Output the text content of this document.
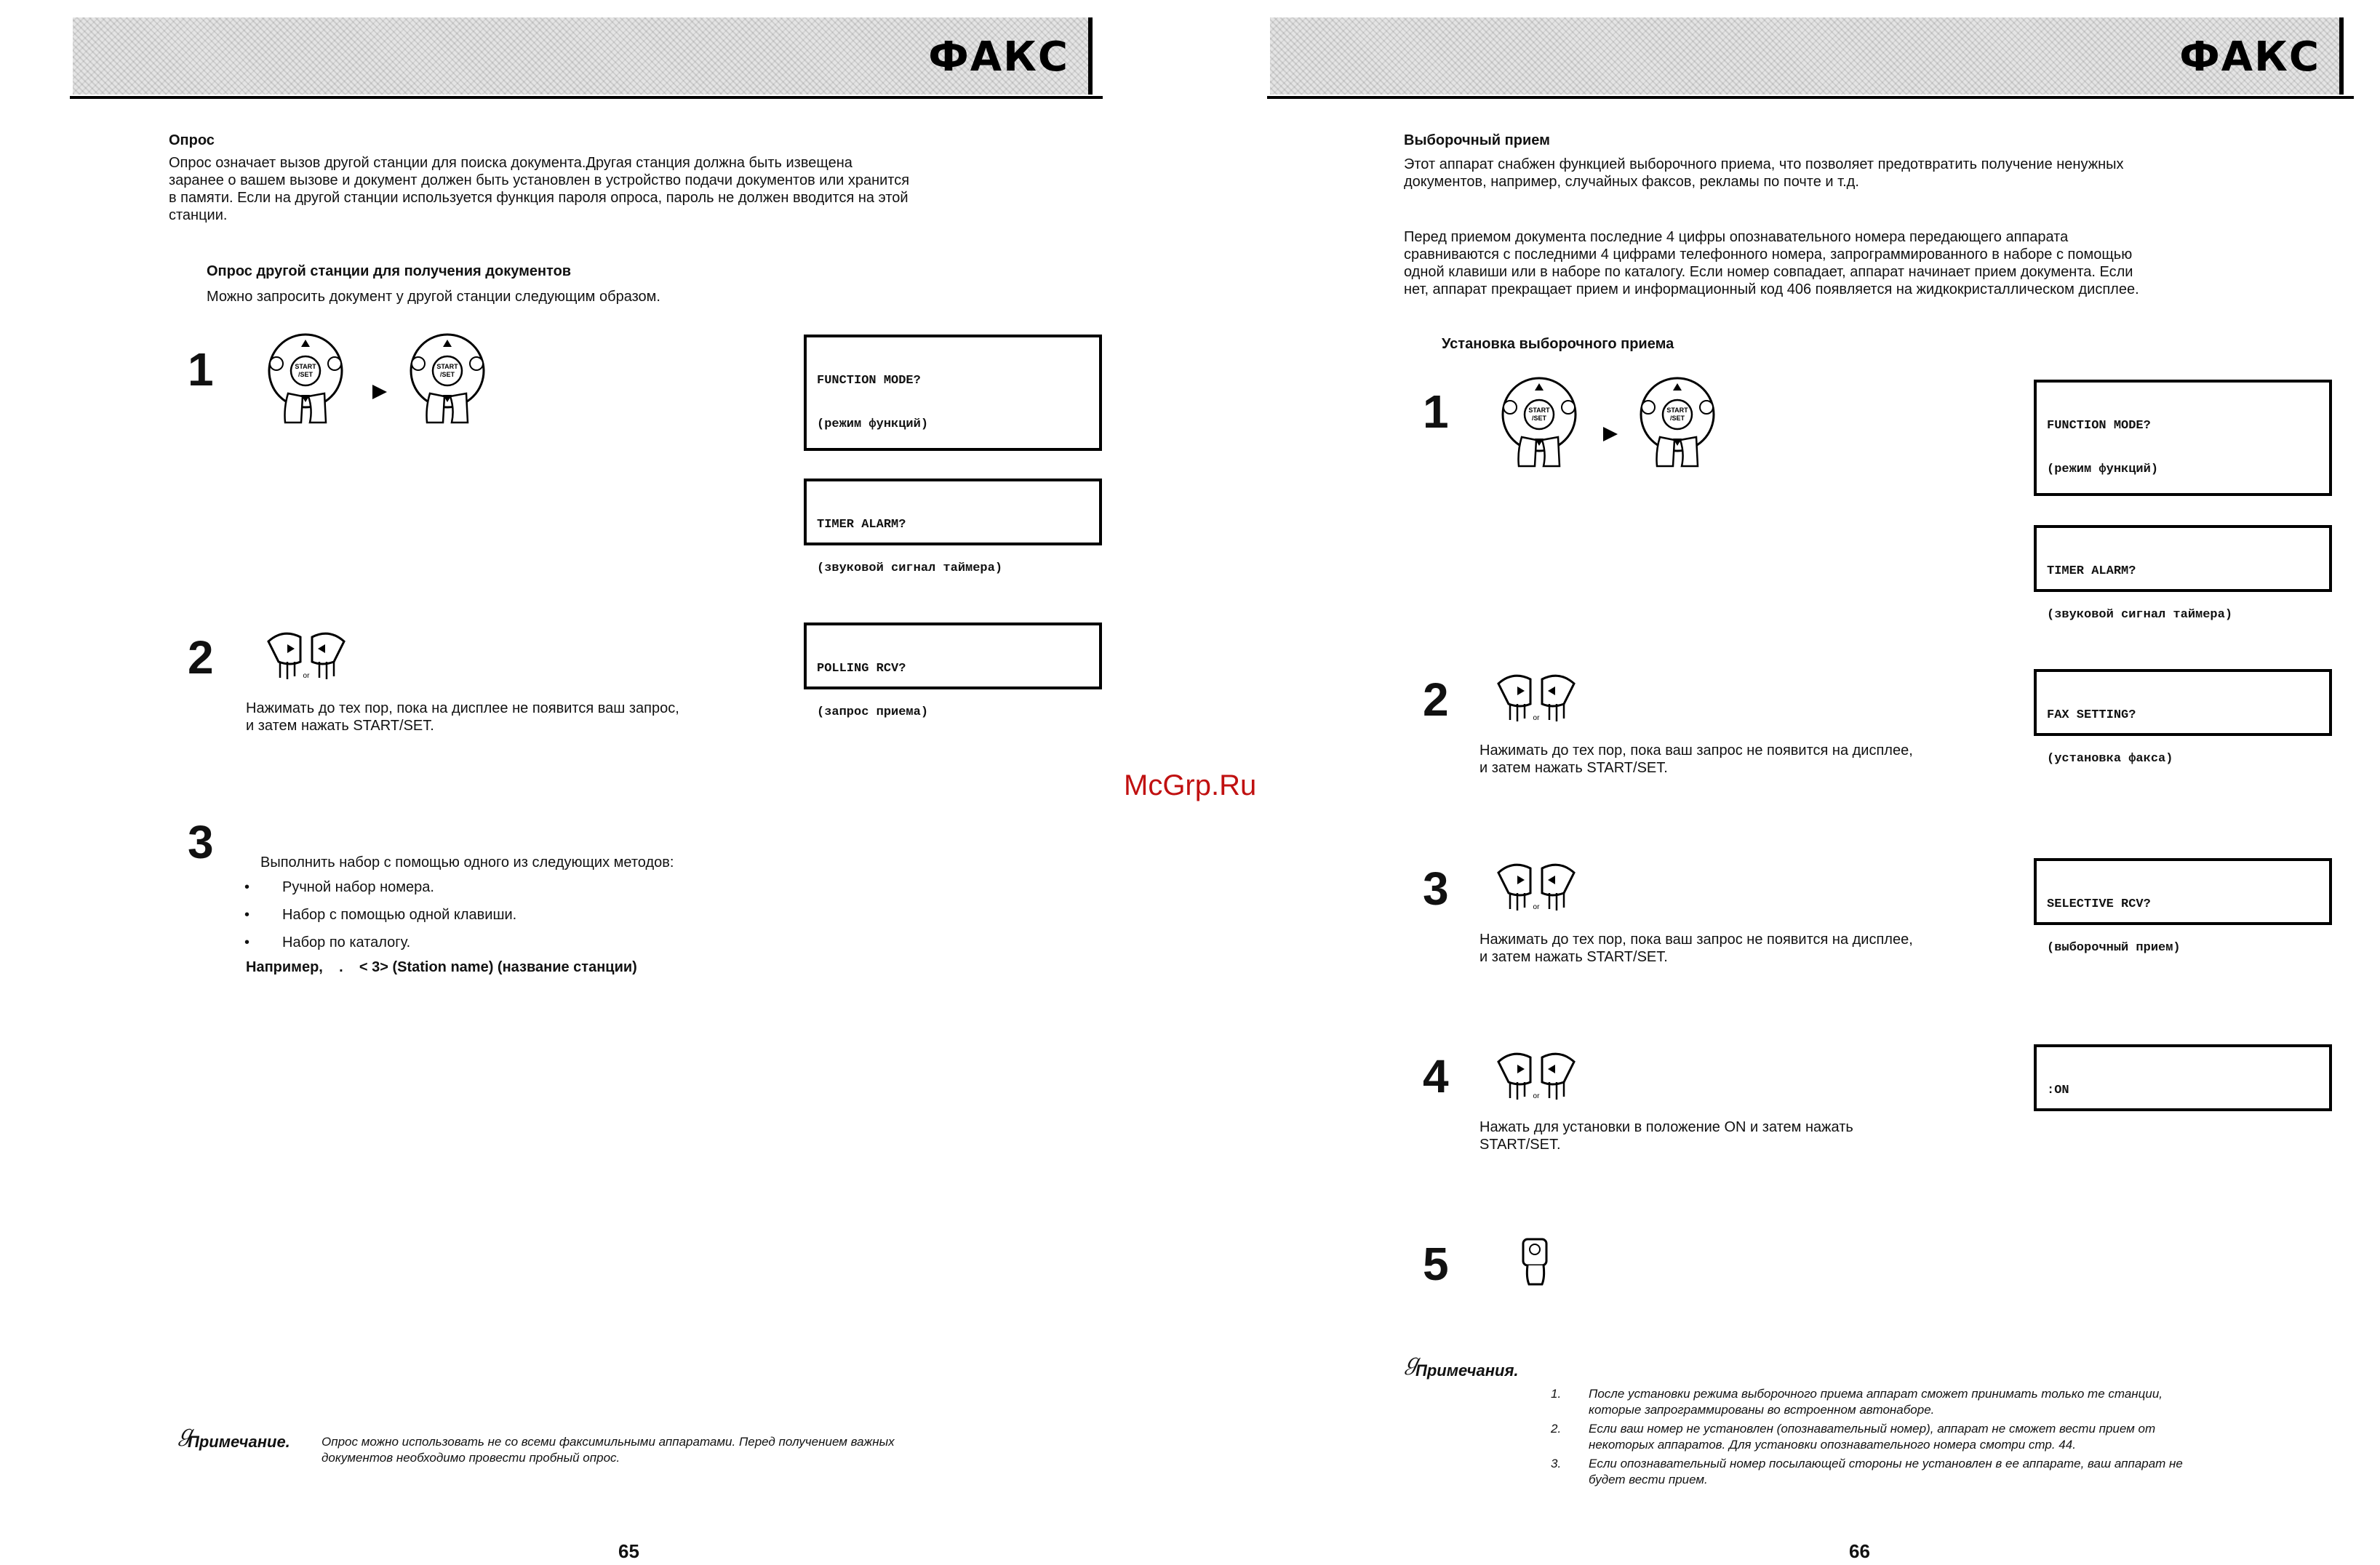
ФАКС
Опрос
Опрос означает вызов другой станции для поиска документа.Другая станция должна быть извещена
заранее о вашем вызове и документ должен быть установлен в устройство подачи документов или хранится
в памяти. Если на другой станции используется функция пароля опроса, пароль не должен вводится на этой
станции.
Опрос другой станции для получения документов
Можно запросить документ у другой станции следующим образом.
1

	FUNCTION MODE?

(режим функций)

TIMER ALARM?

(звуковой сигнал таймера)

2
Нажимать до тех пор, пока на дисплее не появится ваш запрос,
и затем нажать START/SET.

POLLING RCV?

(запрос приема)

3	Выполнить набор с помощью одного из следующих методов:
• Ручной набор номера.
• Набор с помощью одной клавиши.
• Набор по каталогу.
Например,    .    < 3> (Station name) (название станции)
ℊ
Примечание.	Опрос можно использовать не со всеми факсимильными аппаратами. Перед получением важных
документов необходимо провести пробный опрос.
65
ФАКС
Выборочный прием
Этот аппарат снабжен функцией выборочного приема, что позволяет предотвратить получение ненужных
документов, например, случайных факсов, рекламы по почте и т.д.
Перед приемом документа последние 4 цифры опознавательного номера передающего аппарата
сравниваются с последними 4 цифрами телефонного номера, запрограммированного в наборе с помощью
одной клавиши или в наборе по каталогу. Если номер совпадает, аппарат начинает прием документа. Если
нет, аппарат прекращает прием и информационный код 406 появляется на жидкокристаллическом дисплее.
Установка выборочного приема
1

	FUNCTION MODE?

(режим функций)

TIMER ALARM?

(звуковой сигнал таймера)

2
Нажимать до тех пор, пока ваш запрос не появится на дисплее,
и затем нажать START/SET.

FAX SETTING?

(установка факса)

3
Нажимать до тех пор, пока ваш запрос не появится на дисплее,
и затем нажать START/SET.

SELECTIVE RCV?

(выборочный прием)

4
Нажать для установки в положение ON и затем нажать
START/SET.

:ON

5
ℊ
Примечания.
1. После установки режима выборочного приема аппарат сможет принимать только те станции,
которые запрограммированы во встроенном автонаборе.
2. Если ваш номер не установлен (опознавательный номер), аппарат не сможет вести прием от
некоторых аппаратов. Для установки опознавательного номера смотри стр. 44.
3. Если опознавательный номер посылающей стороны не установлен в ее аппарате, ваш аппарат не
будет вести прием.
66
McGrp.Ru
